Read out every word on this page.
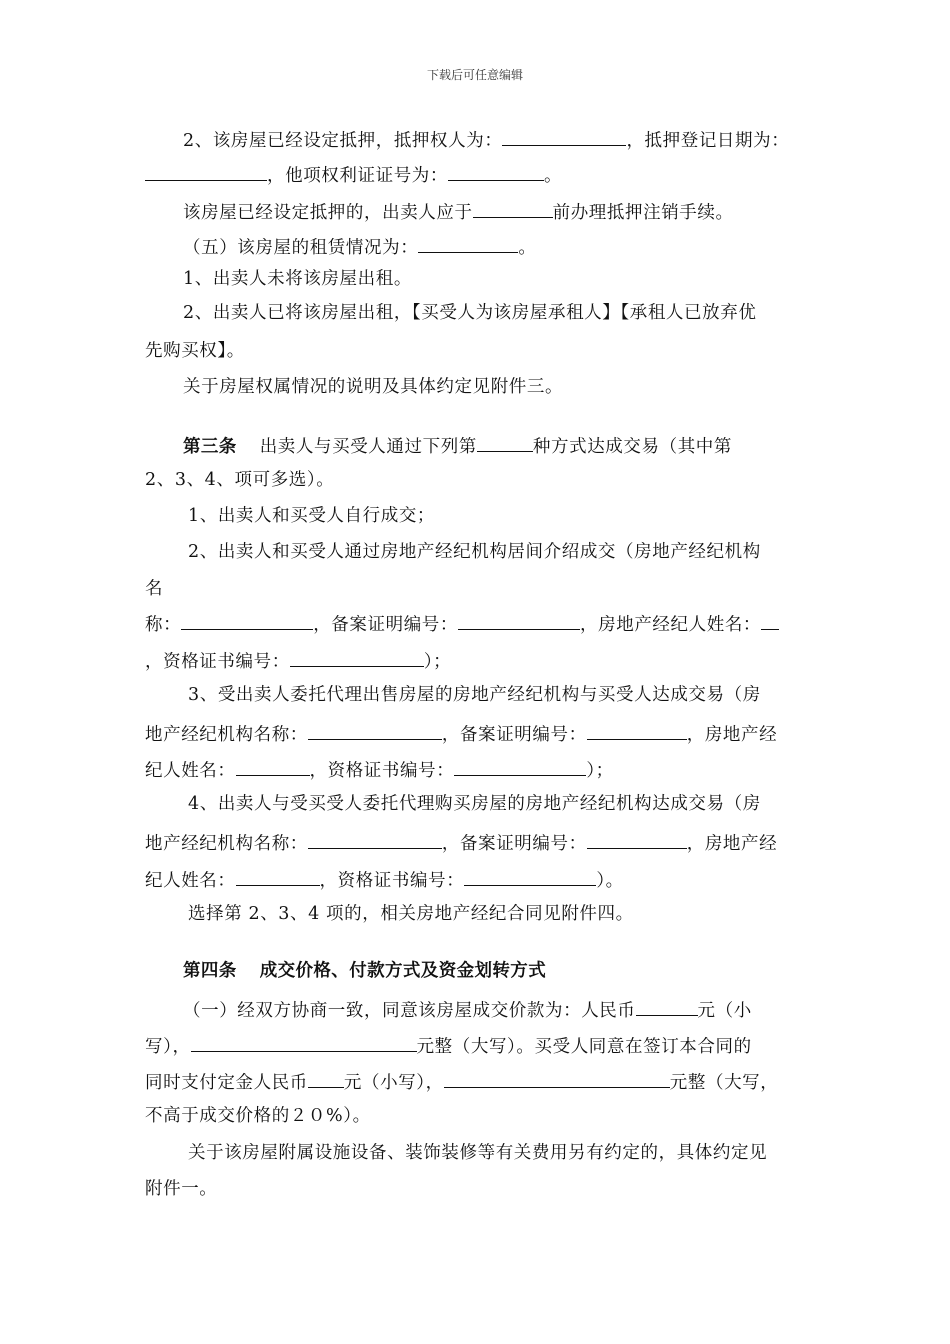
下载后可任意编辑
2、该房屋已经设定抵押，抵押权人为：	，抵押登记日期为：
，他项权利证证号为：	。
该房屋已经设定抵押的，出卖人应于	前办理抵押注销手续。
（五）该房屋的租赁情况为：	。
1、出卖人未将该房屋出租。
2、出卖人已将该房屋出租，【买受人为该房屋承租人】【承租人已放弃优
先购买权】。
关于房屋权属情况的说明及具体约定见附件三。
第三条 出卖人与买受人通过下列第	种方式达成交易（其中第
2、3、4、项可多选）。
1、出卖人和买受人自行成交；
2、出卖人和买受人通过房地产经纪机构居间介绍成交（房地产经纪机构
名
称：	，备案证明编号：	，房地产经纪人姓名：
，资格证书编号：	）；
3、受出卖人委托代理出售房屋的房地产经纪机构与买受人达成交易（房
地产经纪机构名称：	，备案证明编号：	，房地产经
纪人姓名：	，资格证书编号：	）；
4、出卖人与受买受人委托代理购买房屋的房地产经纪机构达成交易（房
地产经纪机构名称：	，备案证明编号：	，房地产经
纪人姓名：	，资格证书编号：	）。
选择第 2、3、4 项的，相关房地产经纪合同见附件四。
第四条 成交价格、付款方式及资金划转方式
（一）经双方协商一致，同意该房屋成交价款为：人民币	元（小
写），	元整（大写）。买受人同意在签订本合同的
同时支付定金人民币 元（小写），	元整（大写，
不高于成交价格的２０%）。
关于该房屋附属设施设备、装饰装修等有关费用另有约定的，具体约定见
附件一。
